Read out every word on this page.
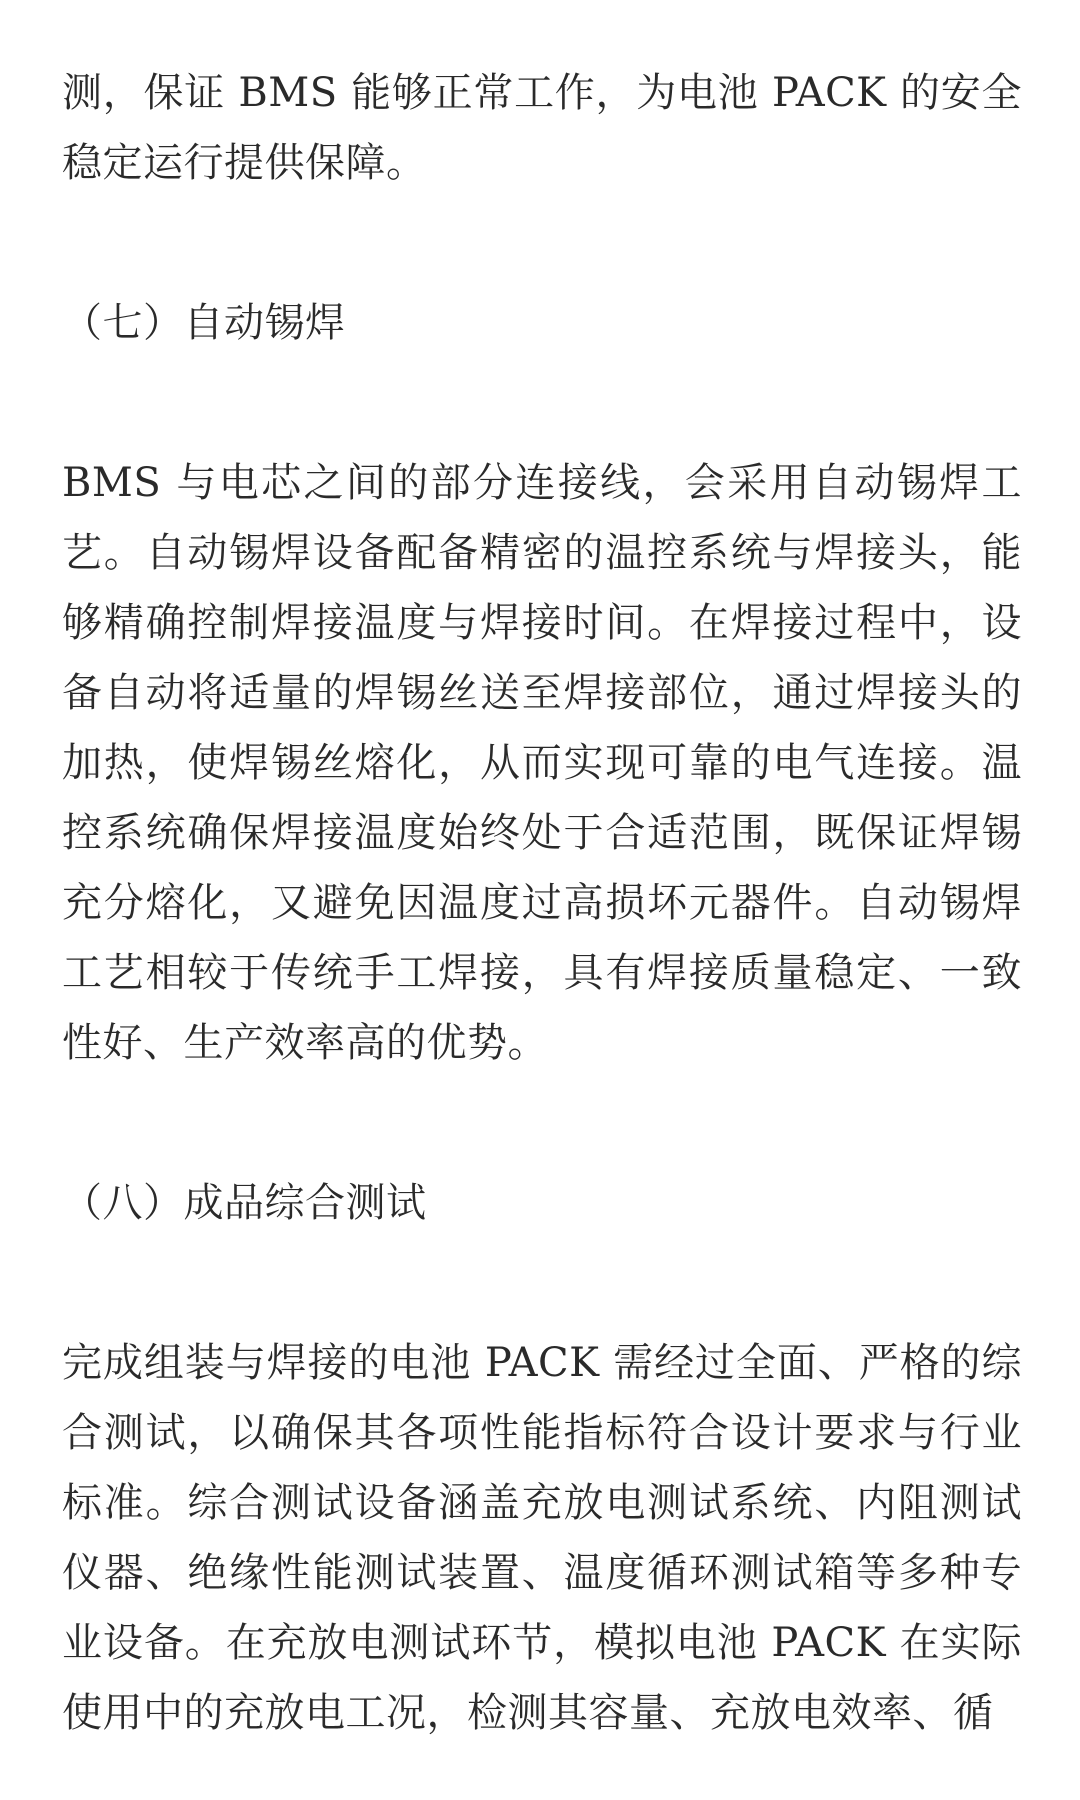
测，保证 BMS 能够正常工作，为电池 PACK 的安全稳定运行提供保障。

（七）自动锡焊

BMS 与电芯之间的部分连接线，会采用自动锡焊工艺。自动锡焊设备配备精密的温控系统与焊接头，能够精确控制焊接温度与焊接时间。在焊接过程中，设备自动将适量的焊锡丝送至焊接部位，通过焊接头的加热，使焊锡丝熔化，从而实现可靠的电气连接。温控系统确保焊接温度始终处于合适范围，既保证焊锡充分熔化，又避免因温度过高损坏元器件。自动锡焊工艺相较于传统手工焊接，具有焊接质量稳定、一致性好、生产效率高的优势。

（八）成品综合测试

完成组装与焊接的电池 PACK 需经过全面、严格的综合测试，以确保其各项性能指标符合设计要求与行业标准。综合测试设备涵盖充放电测试系统、内阻测试仪器、绝缘性能测试装置、温度循环测试箱等多种专业设备。在充放电测试环节，模拟电池 PACK 在实际使用中的充放电工况，检测其容量、充放电效率、循
